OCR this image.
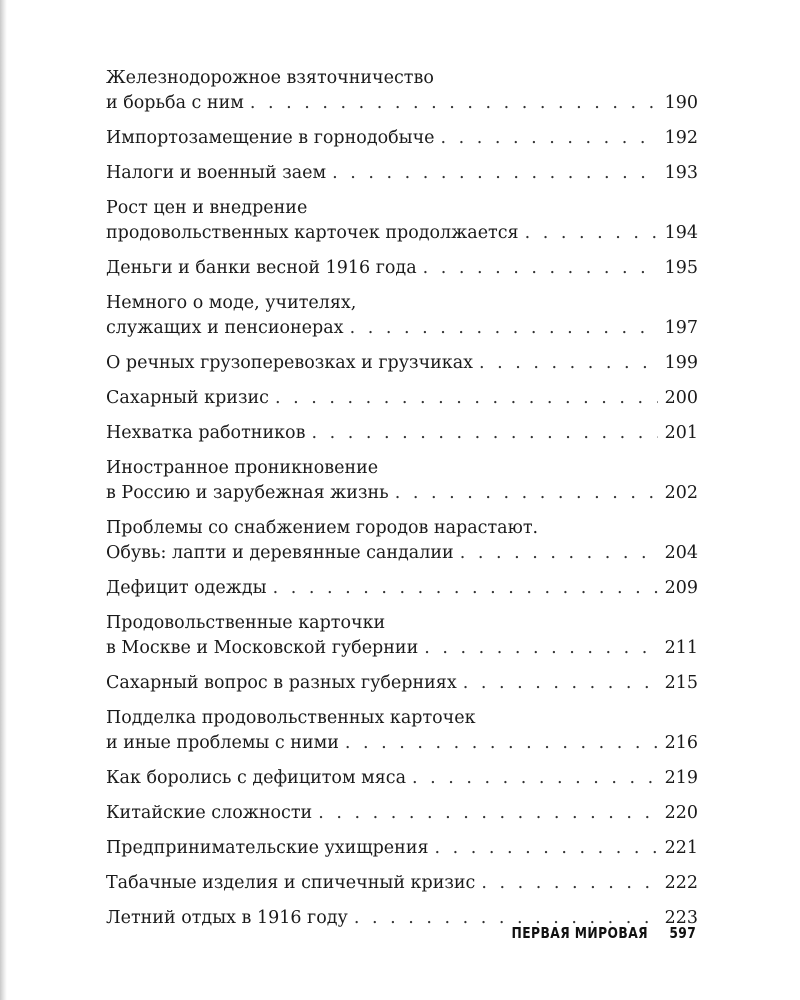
Железнодорожное взяточничество
и борьба с ним . . .	190
Импортозамещение в горнодобыче . . .	192
Налоги и военный заем . . .	193
Рост цен и внедрение
продовольственных карточек продолжается . . .	194
Деньги и банки весной 1916 года . . .	195
Немного о моде, учителях,
служащих и пенсионерах . . .	197
О речных грузоперевозках и грузчиках . . .	199
Сахарный кризис . . .	200
Нехватка работников . . .	201
Иностранное проникновение
в Россию и зарубежная жизнь . . .	202
Проблемы со снабжением городов нарастают.
Обувь: лапти и деревянные сандалии . . .	204
Дефицит одежды . . .	209
Продовольственные карточки
в Москве и Московской губернии . . .	211
Сахарный вопрос в разных губерниях . . .	215
Подделка продовольственных карточек
и иные проблемы с ними . . .	216
Как боролись с дефицитом мяса . . .	219
Китайские сложности . . .	220
Предпринимательские ухищрения . . .	221
Табачные изделия и спичечный кризис . . .	222
Летний отдых в 1916 году . . .	223
ПЕРВАЯ МИРОВАЯ 597
